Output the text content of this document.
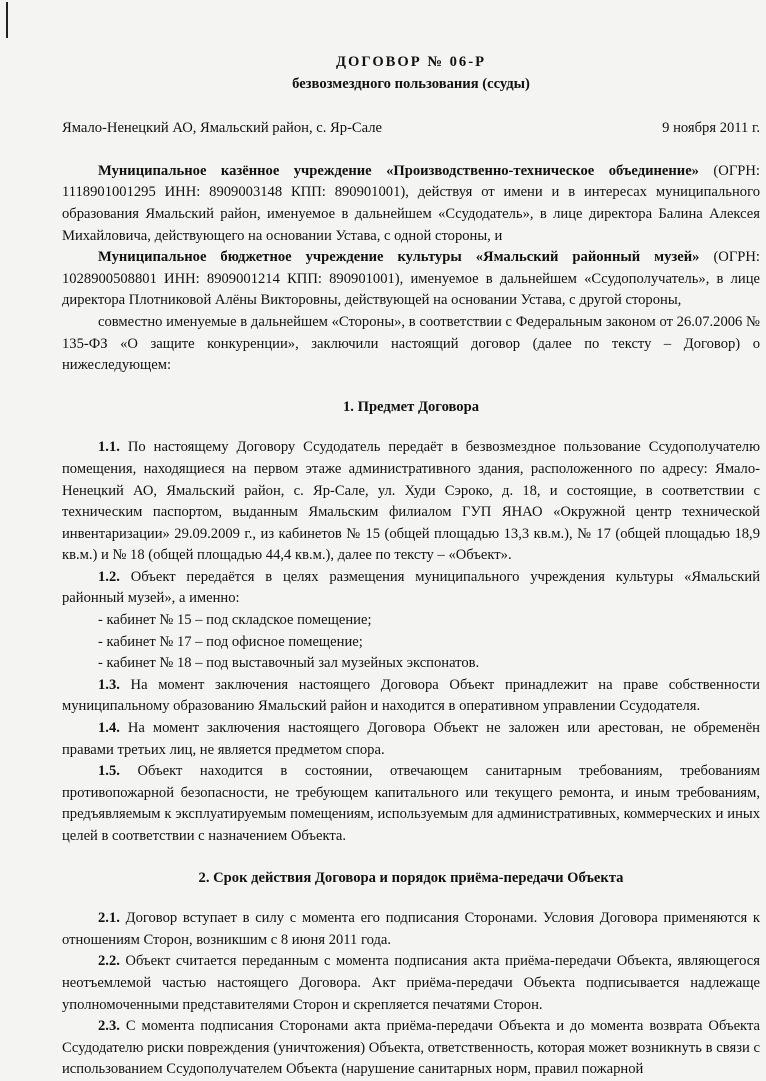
ДОГОВОР № 06-Р
безвозмездного пользования (ссуды)
Ямало-Ненецкий АО, Ямальский район, с. Яр-Сале	9 ноября 2011 г.

Муниципальное казённое учреждение «Производственно-техническое объединение» (ОГРН: 1118901001295 ИНН: 8909003148 КПП: 890901001), действуя от имени и в интересах муниципального образования Ямальский район, именуемое в дальнейшем «Ссудодатель», в лице директора Балина Алексея Михайловича, действующего на основании Устава, с одной стороны, и

Муниципальное бюджетное учреждение культуры «Ямальский районный музей» (ОГРН: 1028900508801 ИНН: 8909001214 КПП: 890901001), именуемое в дальнейшем «Ссудополучатель», в лице директора Плотниковой Алёны Викторовны, действующей на основании Устава, с другой стороны,

совместно именуемые в дальнейшем «Стороны», в соответствии с Федеральным законом от 26.07.2006 № 135-ФЗ «О защите конкуренции», заключили настоящий договор (далее по тексту – Договор) о нижеследующем:

1. Предмет Договора

1.1. По настоящему Договору Ссудодатель передаёт в безвозмездное пользование Ссудополучателю помещения, находящиеся на первом этаже административного здания, расположенного по адресу: Ямало-Ненецкий АО, Ямальский район, с. Яр-Сале, ул. Худи Сэроко, д. 18, и состоящие, в соответствии с техническим паспортом, выданным Ямальским филиалом ГУП ЯНАО «Окружной центр технической инвентаризации» 29.09.2009 г., из кабинетов № 15 (общей площадью 13,3 кв.м.), № 17 (общей площадью 18,9 кв.м.) и № 18 (общей площадью 44,4 кв.м.), далее по тексту – «Объект».

1.2. Объект передаётся в целях размещения муниципального учреждения культуры «Ямальский районный музей», а именно:

- кабинет № 15 – под складское помещение;

- кабинет № 17 – под офисное помещение;

- кабинет № 18 – под выставочный зал музейных экспонатов.

1.3. На момент заключения настоящего Договора Объект принадлежит на праве собственности муниципальному образованию Ямальский район и находится в оперативном управлении Ссудодателя.

1.4. На момент заключения настоящего Договора Объект не заложен или арестован, не обременён правами третьих лиц, не является предметом спора.

1.5. Объект находится в состоянии, отвечающем санитарным требованиям, требованиям противопожарной безопасности, не требующем капитального или текущего ремонта, и иным требованиям, предъявляемым к эксплуатируемым помещениям, используемым для административных, коммерческих и иных целей в соответствии с назначением Объекта.

2. Срок действия Договора и порядок приёма-передачи Объекта

2.1. Договор вступает в силу с момента его подписания Сторонами. Условия Договора применяются к отношениям Сторон, возникшим с 8 июня 2011 года.

2.2. Объект считается переданным с момента подписания акта приёма-передачи Объекта, являющегося неотъемлемой частью настоящего Договора. Акт приёма-передачи Объекта подписывается надлежаще уполномоченными представителями Сторон и скрепляется печатями Сторон.

2.3. С момента подписания Сторонами акта приёма-передачи Объекта и до момента возврата Объекта Ссудодателю риски повреждения (уничтожения) Объекта, ответственность, которая может возникнуть в связи с использованием Ссудополучателем Объекта (нарушение санитарных норм, правил пожарной
